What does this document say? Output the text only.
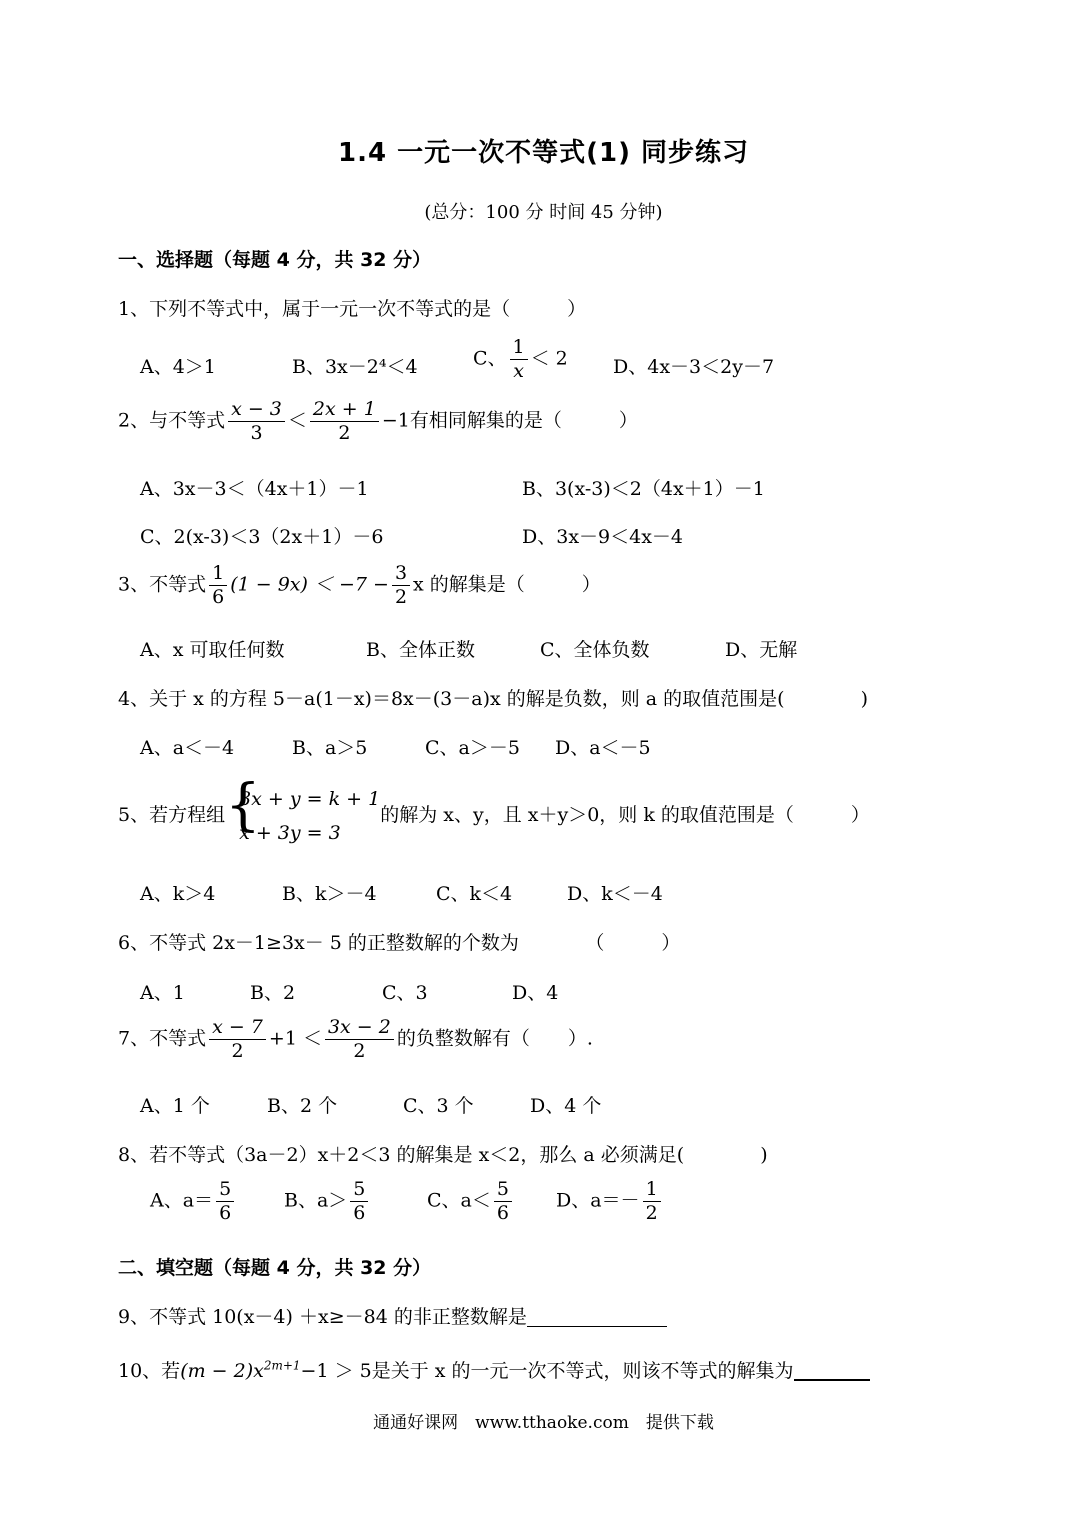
1.4 一元一次不等式(1) 同步练习
(总分：100 分 时间 45 分钟)
一、选择题（每题 4 分，共 32 分）
1、下列不等式中，属于一元一次不等式的是（　　　）
A、4＞1	B、3x－2⁴＜4	C、 $\frac{1}{x} < 2$ D、4x－3＜2y－7
2、与不等式 $\frac{x - 3}{3} < \frac{2x + 1}{2} -1$有相同解集的是（　　　）
A、3x－3＜（4x＋1）－1	B、3(x-3)＜2（4x＋1）－1
C、2(x-3)＜3（2x＋1）－6	D、3x－9＜4x－4
3、不等式 $\frac{1}{6} (1 - 9x) < -7 - \frac{3}{2}$ x 的解集是（　　　）
A、x 可取任何数	B、全体正数	C、全体负数	D、无解
4、关于 x 的方程 5－a(1－x)＝8x－(3－a)x 的解是负数，则 a 的取值范围是(　　　　)
A、a＜－4	B、a＞5	C、a＞－5 D、a＜－5
5、若方程组 {
3x + y = k + 1
x + 3y = 3
的解为 x、y，且 x＋y＞0，则 k 的取值范围是（　　　）
A、k＞4	B、k＞－4	C、k＜4	D、k＜－4
6、不等式 2x－1≥3x－ 5 的正整数解的个数为　　　　（　　　）
A、1	B、2	C、3	D、4
7、不等式 $\frac{x - 7}{2} +1 < \frac{3x - 2}{2}$ 的负整数解有（　　）.
A、1 个	B、2 个	C、3 个	D、4 个
8、若不等式（3a－2）x＋2＜3 的解集是 x＜2，那么 a 必须满足(　　　　)
A、$a= \frac{5}{6}$	B、$a> \frac{5}{6}$	C、$a< \frac{5}{6}$ D、$a=- \frac{1}{2}$
二、填空题（每题 4 分，共 32 分）
9、不等式 10(x－4) ＋x≥－84 的非正整数解是
10、若$(m - 2)x^{2m+1}-1 > 5$是关于 x 的一元一次不等式，则该不等式的解集为
通通好课网　www.tthaoke.com　提供下载
